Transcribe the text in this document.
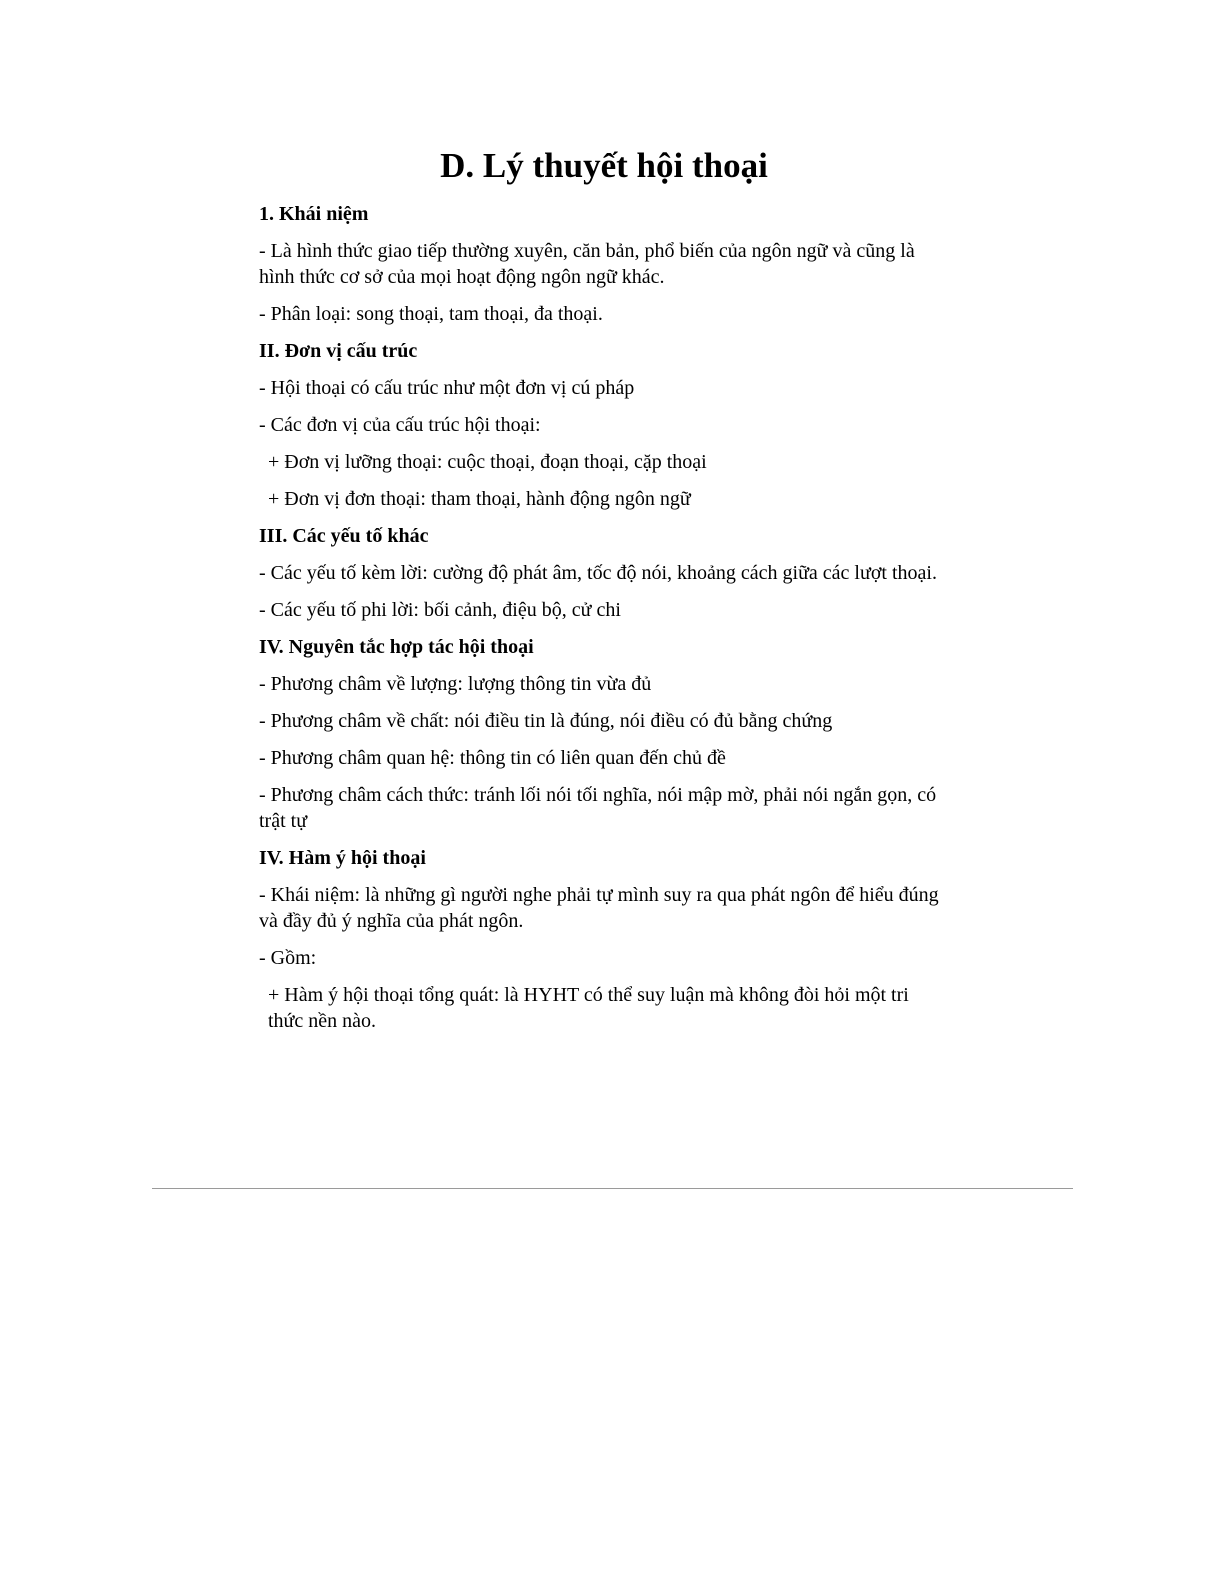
D. Lý thuyết hội thoại

1. Khái niệm

- Là hình thức giao tiếp thường xuyên, căn bản, phổ biến của ngôn ngữ và cũng là hình thức cơ sở của mọi hoạt động ngôn ngữ khác.

- Phân loại: song thoại, tam thoại, đa thoại.

II. Đơn vị cấu trúc

- Hội thoại có cấu trúc như một đơn vị cú pháp

- Các đơn vị của cấu trúc hội thoại:

+ Đơn vị lưỡng thoại: cuộc thoại, đoạn thoại, cặp thoại

+ Đơn vị đơn thoại: tham thoại, hành động ngôn ngữ

III. Các yếu tố khác

- Các yếu tố kèm lời: cường độ phát âm, tốc độ nói, khoảng cách giữa các lượt thoại.

- Các yếu tố phi lời: bối cảnh, điệu bộ, cử chi

IV. Nguyên tắc hợp tác hội thoại

- Phương châm về lượng: lượng thông tin vừa đủ

- Phương châm về chất: nói điều tin là đúng, nói điều có đủ bằng chứng

- Phương châm quan hệ: thông tin có liên quan đến chủ đề

- Phương châm cách thức: tránh lối nói tối nghĩa, nói mập mờ, phải nói ngắn gọn, có trật tự

IV. Hàm ý hội thoại

- Khái niệm: là những gì người nghe phải tự mình suy ra qua phát ngôn để hiểu đúng và đầy đủ ý nghĩa của phát ngôn.

- Gồm:

+ Hàm ý hội thoại tổng quát: là HYHT có thể suy luận mà không đòi hỏi một tri thức nền nào.
